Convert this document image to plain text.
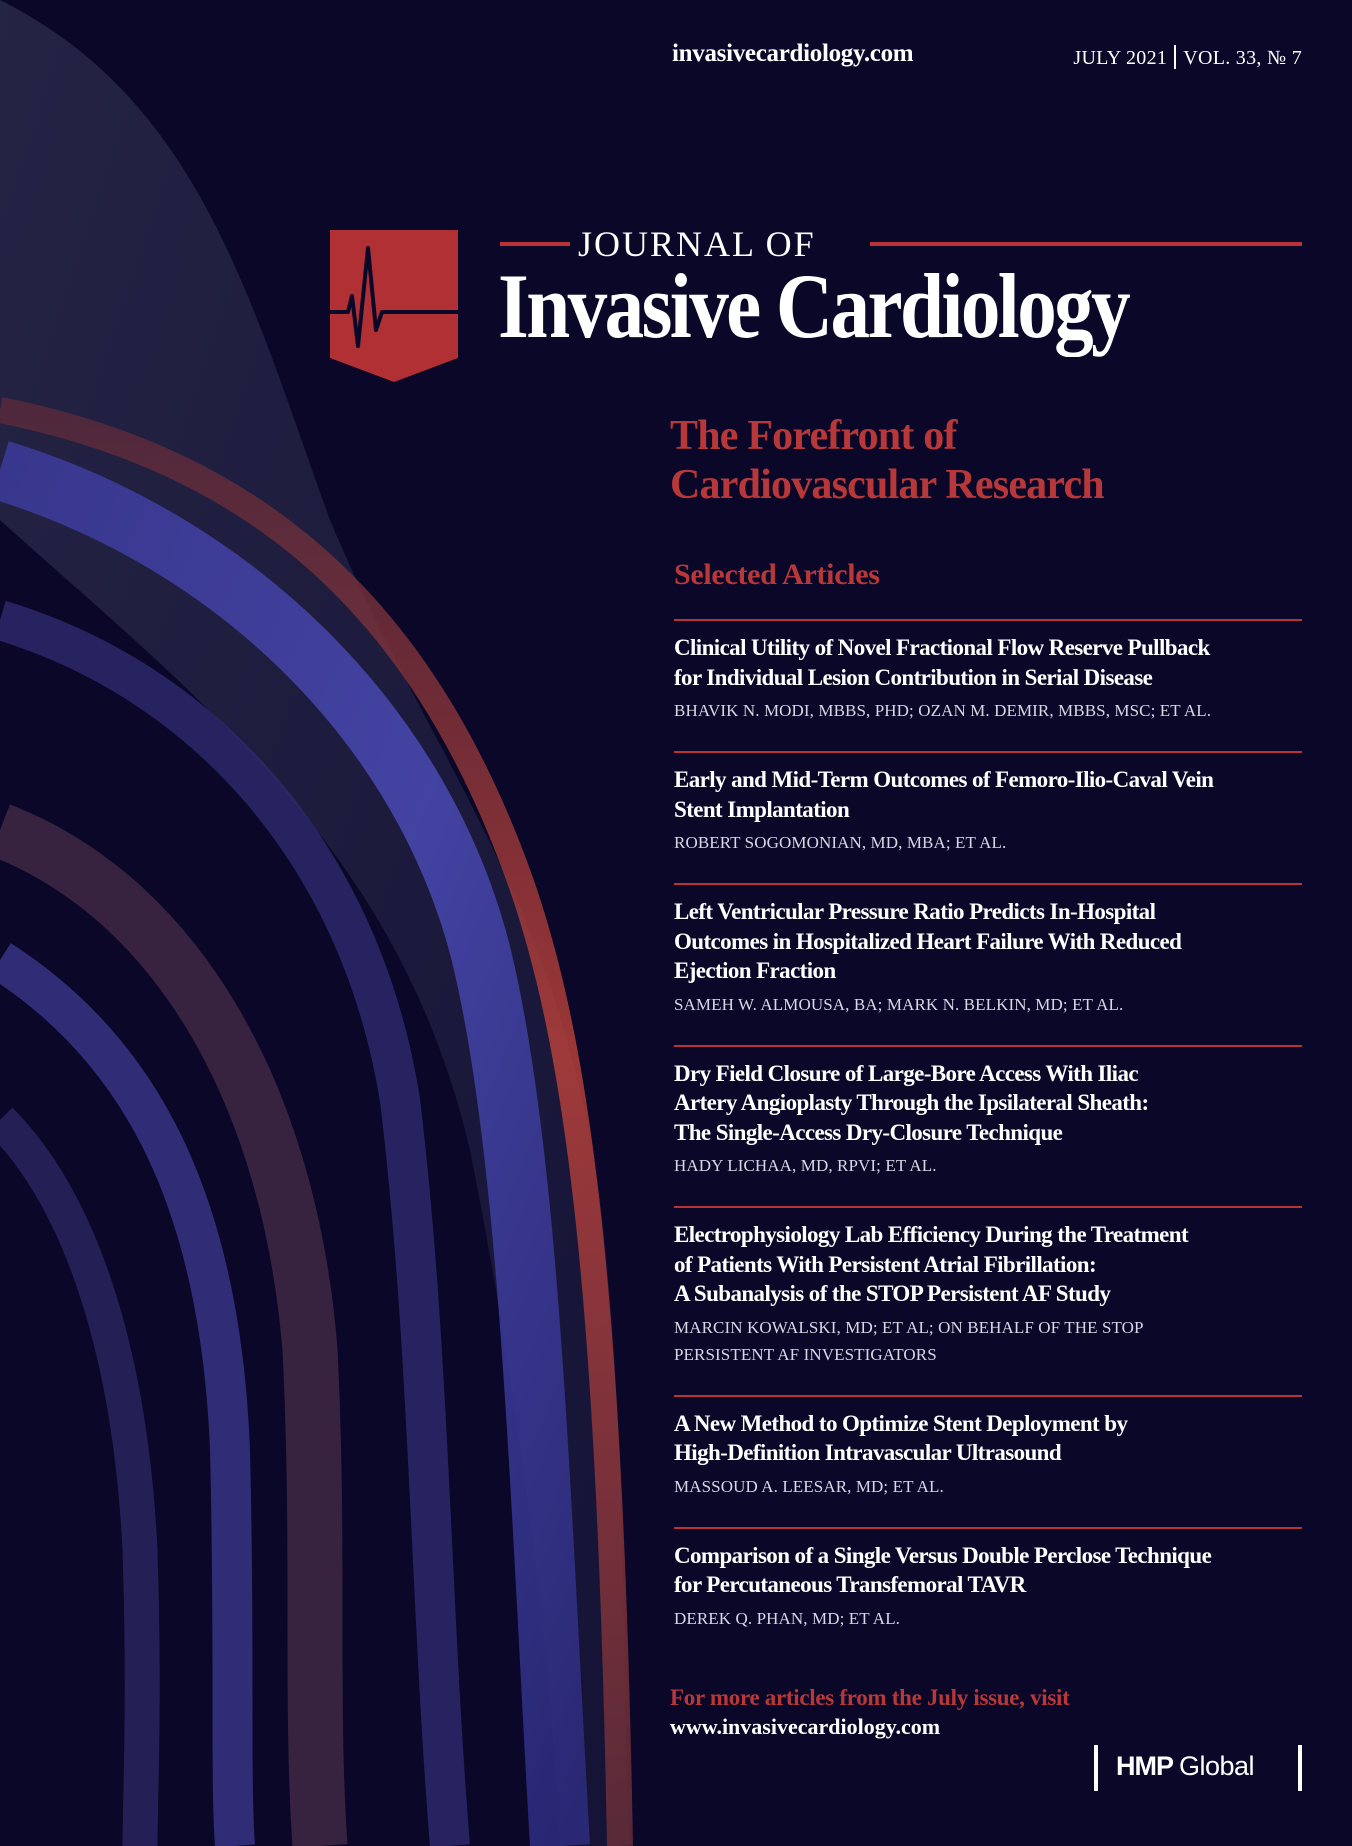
invasivecardiology.com	JULY 2021 VOL. 33, № 7
JOURNAL OF
Invasive Cardiology
The Forefront of
Cardiovascular Research
Selected Articles
Clinical Utility of Novel Fractional Flow Reserve Pullback
for Individual Lesion Contribution in Serial Disease
BHAVIK N. MODI, MBBS, PHD; OZAN M. DEMIR, MBBS, MSC; ET AL.
Early and Mid-Term Outcomes of Femoro-Ilio-Caval Vein
Stent Implantation
ROBERT SOGOMONIAN, MD, MBA; ET AL.
Left Ventricular Pressure Ratio Predicts In-Hospital
Outcomes in Hospitalized Heart Failure With Reduced
Ejection Fraction
SAMEH W. ALMOUSA, BA; MARK N. BELKIN, MD; ET AL.
Dry Field Closure of Large-Bore Access With Iliac
Artery Angioplasty Through the Ipsilateral Sheath:
The Single-Access Dry-Closure Technique
HADY LICHAA, MD, RPVI; ET AL.
Electrophysiology Lab Efficiency During the Treatment
of Patients With Persistent Atrial Fibrillation:
A Subanalysis of the STOP Persistent AF Study
MARCIN KOWALSKI, MD; ET AL; ON BEHALF OF THE STOP
PERSISTENT AF INVESTIGATORS
A New Method to Optimize Stent Deployment by
High-Definition Intravascular Ultrasound
MASSOUD A. LEESAR, MD; ET AL.
Comparison of a Single Versus Double Perclose Technique
for Percutaneous Transfemoral TAVR
DEREK Q. PHAN, MD; ET AL.
For more articles from the July issue, visit
www.invasivecardiology.com
HMP Global
